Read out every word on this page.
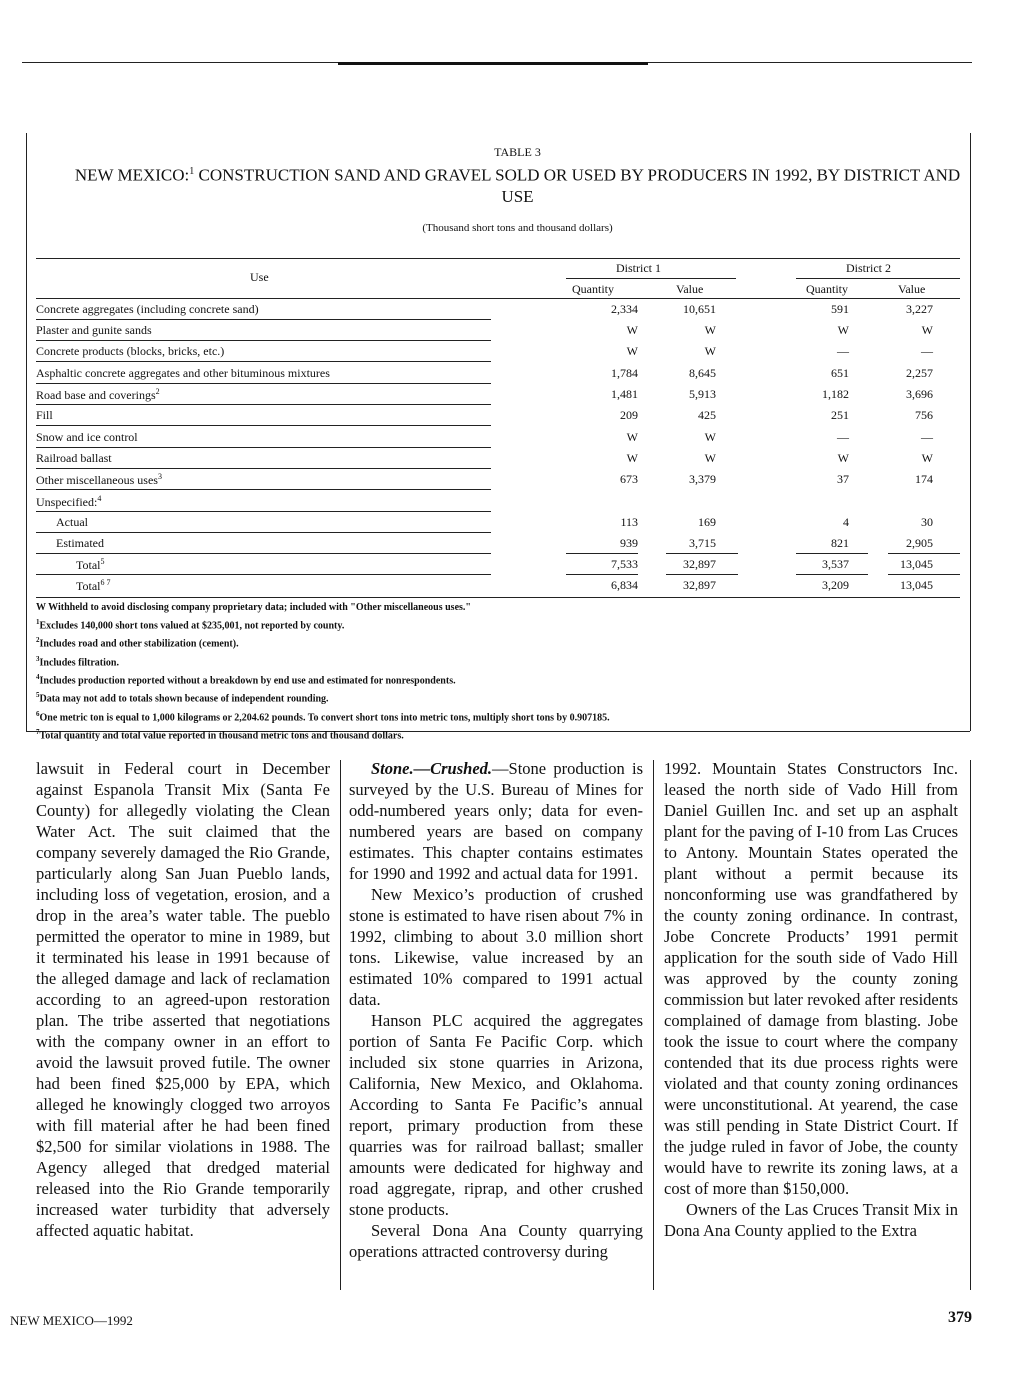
TABLE 3
NEW MEXICO:$^1$ CONSTRUCTION SAND AND GRAVEL SOLD OR USED BY PRODUCERS IN 1992, BY DISTRICT AND USE
(Thousand short tons and thousand dollars)
Use
District 1	District 2
Quantity	Value	Quantity	Value
Concrete aggregates (including concrete sand)	2,334	10,651	591	3,227
Plaster and gunite sands	W	W	W	W
Concrete products (blocks, bricks, etc.)	W	W	—	—
Asphaltic concrete aggregates and other bituminous mixtures	1,784	8,645	651	2,257
Road base and coverings$^2$	1,481	5,913	1,182	3,696
Fill	209	425	251	756
Snow and ice control	W	W	—	—
Railroad ballast	W	W	W	W
Other miscellaneous uses$^3$	673	3,379	37	174
Unspecified:$^4$
Actual	113	169	4	30
Estimated	939	3,715	821	2,905
Total$^5$	7,533	32,897	3,537	13,045
Total$^{6 7}$	6,834	32,897	3,209	13,045
W Withheld to avoid disclosing company proprietary data; included with "Other miscellaneous uses."
$^1$Excludes 140,000 short tons valued at $235,001, not reported by county.
$^2$Includes road and other stabilization (cement).
$^3$Includes filtration.
$^4$Includes production reported without a breakdown by end use and estimated for nonrespondents.
$^5$Data may not add to totals shown because of independent rounding.
$^6$One metric ton is equal to 1,000 kilograms or 2,204.62 pounds. To convert short tons into metric tons, multiply short tons by 0.907185.
$^7$Total quantity and total value reported in thousand metric tons and thousand dollars.

lawsuit in Federal court in December against Espanola Transit Mix (Santa Fe County) for allegedly violating the Clean Water Act. The suit claimed that the company severely damaged the Rio Grande, particularly along San Juan Pueblo lands, including loss of vegetation, erosion, and a drop in the area’s water table. The pueblo permitted the operator to mine in 1989, but it terminated his lease in 1991 because of the alleged damage and lack of reclamation according to an agreed-upon restoration plan. The tribe asserted that negotiations with the company owner in an effort to avoid the lawsuit proved futile. The owner had been fined $25,000 by EPA, which alleged he knowingly clogged two arroyos with fill material after he had been fined $2,500 for similar violations in 1988. The Agency alleged that dredged material released into the Rio Grande temporarily increased water turbidity that adversely affected aquatic habitat.

Stone.—Crushed.—Stone production is surveyed by the U.S. Bureau of Mines for odd-numbered years only; data for even-numbered years are based on company estimates. This chapter contains estimates for 1990 and 1992 and actual data for 1991.

New Mexico’s production of crushed stone is estimated to have risen about 7% in 1992, climbing to about 3.0 million short tons. Likewise, value increased by an estimated 10% compared to 1991 actual data.

Hanson PLC acquired the aggregates portion of Santa Fe Pacific Corp. which included six stone quarries in Arizona, California, New Mexico, and Oklahoma. According to Santa Fe Pacific’s annual report, primary production from these quarries was for railroad ballast; smaller amounts were dedicated for highway and road aggregate, riprap, and other crushed stone products.

Several Dona Ana County quarrying operations attracted controversy during

1992. Mountain States Constructors Inc. leased the north side of Vado Hill from Daniel Guillen Inc. and set up an asphalt plant for the paving of I-10 from Las Cruces to Antony. Mountain States operated the plant without a permit because its nonconforming use was grandfathered by the county zoning ordinance. In contrast, Jobe Concrete Products’ 1991 permit application for the south side of Vado Hill was approved by the county zoning commission but later revoked after residents complained of damage from blasting. Jobe took the issue to court where the company contended that its due process rights were violated and that county zoning ordinances were unconstitutional. At yearend, the case was still pending in State District Court. If the judge ruled in favor of Jobe, the county would have to rewrite its zoning laws, at a cost of more than $150,000.

Owners of the Las Cruces Transit Mix in Dona Ana County applied to the Extra

NEW MEXICO—1992	379
